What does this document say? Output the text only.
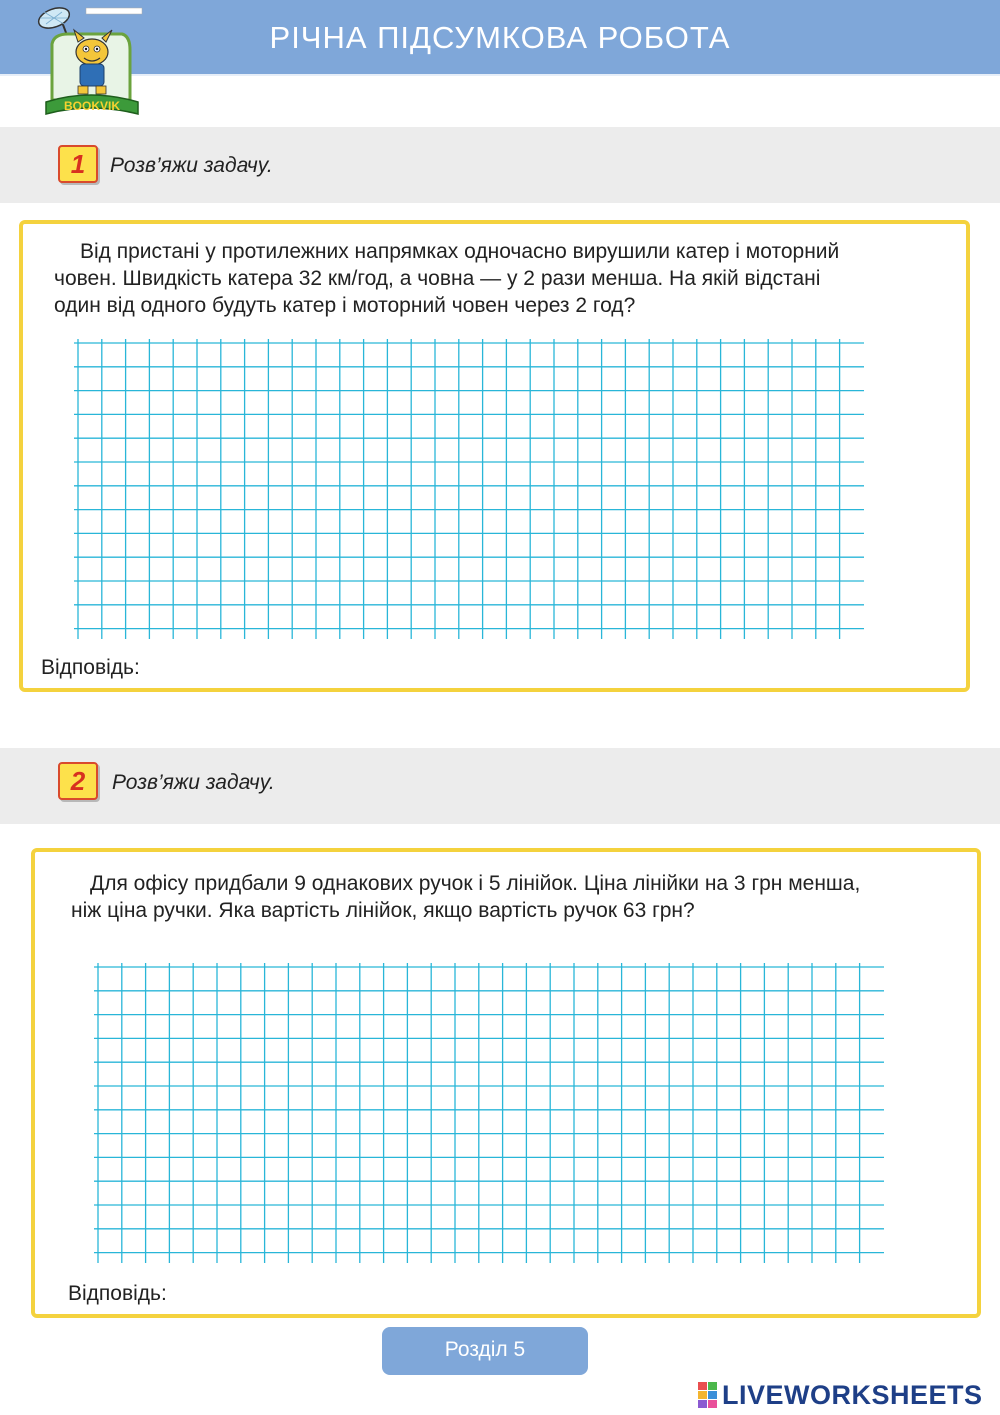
РІЧНА ПІДСУМКОВА РОБОТА
BOOKVIK
1	Розв’яжи задачу.
Від пристані у протилежних напрямках одночасно вирушили катер і моторний
човен. Швидкість катера 32 км/год, а човна — у 2 рази менша. На якій відстані
один від одного будуть катер і моторний човен через 2 год?
Відповідь:
2	Розв’яжи задачу.
Для офісу придбали 9 однакових ручок і 5 лінійок. Ціна лінійки на 3 грн менша,
ніж ціна ручки. Яка вартість лінійок, якщо вартість ручок 63 грн?
Відповідь:
Розділ 5
LIVEWORKSHEETS
